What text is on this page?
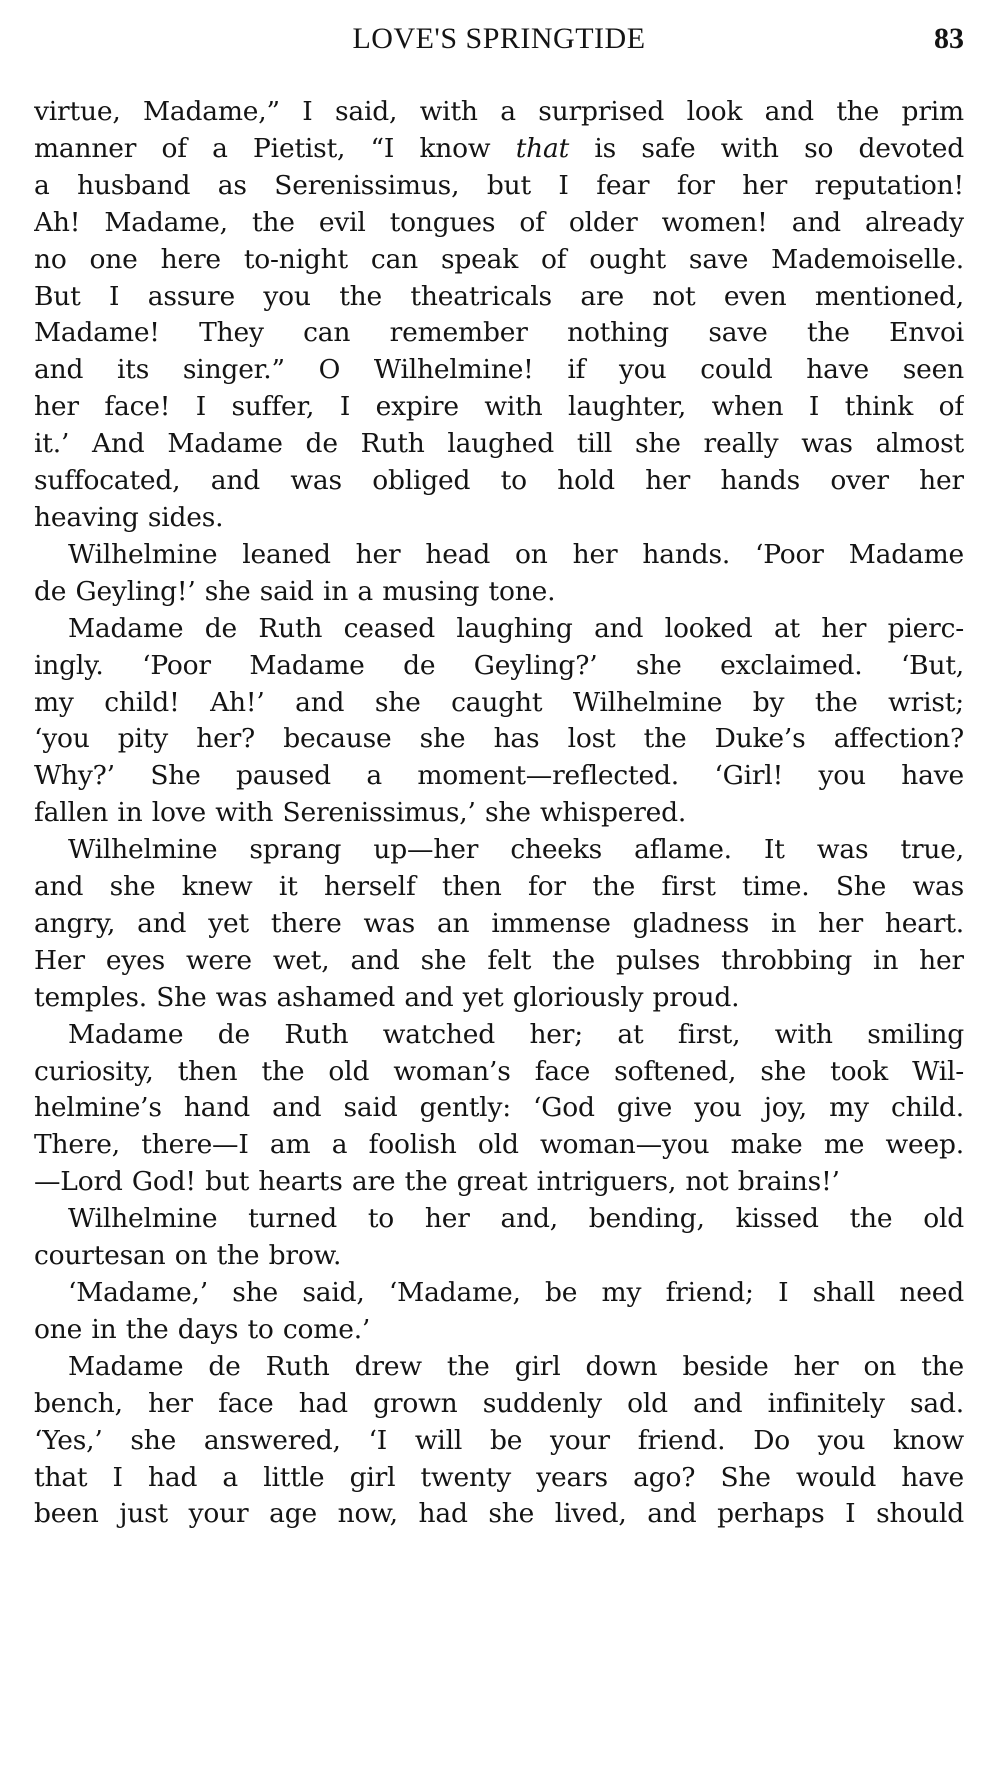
LOVE'S SPRINGTIDE	83

virtue, Madame,” I said, with a surprised look and the prim
manner of a Pietist, “I know that is safe with so devoted
a husband as Serenissimus, but I fear for her reputation!
Ah! Madame, the evil tongues of older women! and already
no one here to-night can speak of ought save Mademoiselle.
But I assure you the theatricals are not even mentioned,
Madame! They can remember nothing save the Envoi
and its singer.” O Wilhelmine! if you could have seen
her face! I suffer, I expire with laughter, when I think of
it.’ And Madame de Ruth laughed till she really was almost
suffocated, and was obliged to hold her hands over her
heaving sides.

Wilhelmine leaned her head on her hands. ‘Poor Madame
de Geyling!’ she said in a musing tone.

Madame de Ruth ceased laughing and looked at her pierc-
ingly. ‘Poor Madame de Geyling?’ she exclaimed. ‘But,
my child! Ah!’ and she caught Wilhelmine by the wrist;
‘you pity her? because she has lost the Duke’s affection?
Why?’ She paused a moment—reflected. ‘Girl! you have
fallen in love with Serenissimus,’ she whispered.

Wilhelmine sprang up—her cheeks aflame. It was true,
and she knew it herself then for the first time. She was
angry, and yet there was an immense gladness in her heart.
Her eyes were wet, and she felt the pulses throbbing in her
temples. She was ashamed and yet gloriously proud.

Madame de Ruth watched her; at first, with smiling
curiosity, then the old woman’s face softened, she took Wil-
helmine’s hand and said gently: ‘God give you joy, my child.
There, there—I am a foolish old woman—you make me weep.
—Lord God! but hearts are the great intriguers, not brains!’

Wilhelmine turned to her and, bending, kissed the old
courtesan on the brow.

‘Madame,’ she said, ‘Madame, be my friend; I shall need
one in the days to come.’

Madame de Ruth drew the girl down beside her on the
bench, her face had grown suddenly old and infinitely sad.
‘Yes,’ she answered, ‘I will be your friend. Do you know
that I had a little girl twenty years ago? She would have
been just your age now, had she lived, and perhaps I should
